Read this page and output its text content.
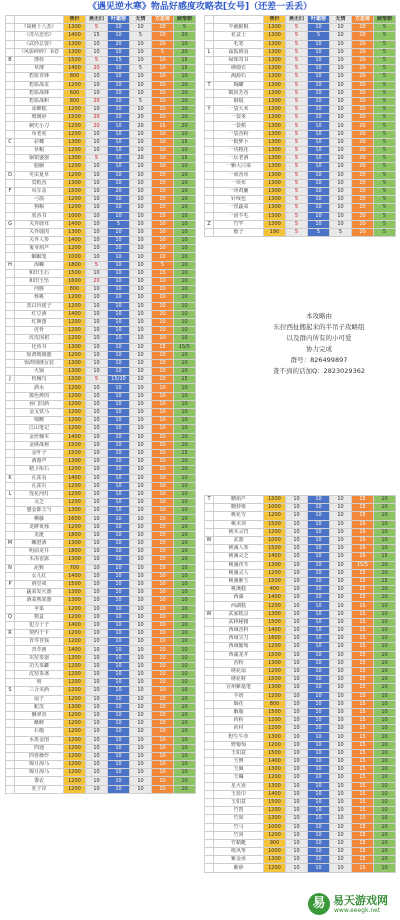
《遇见逆水寒》物品好感度攻略表[女号]（还差一丢丢）
		售价	燕无归	叶霜寒	无情	方思南	顾惜朝
	《胡桃十八杰》	1300	5	10	10	20	5
	《洗尽悲伤》	1400	15	10	5	10	20
	《武经总要》	1300	10	20	10	20	10
	《风影碎碎》书卷	1300	10	10	10	5	20
B	薄荷	1500	5	15	10	10	15
	草薄	1400	20	10	5	10	15
	碧血青锋	800	10	10	10	10	10
	碧血战龙	1200	10	10	10	10	10
	碧血战锋	600	10	10	10	10	10
	碧血战帜	800	20	10	5	10	10
	冰蝉糕	1200	10	10	10	10	10
	玻璃屏	1500	20	10	20	10	10
	刺史小刀	1200	20	10	20	15	20
	布老虎	1200	10	10	10	10	10
C	彩蝶	1300	10	10	10	10	15
	草帽	1200	10	10	10	10	10
	锅钳盛器	1300	5	10	20	10	15
	脂胭	1200	10	10	10	10	10
D	冬虫夏草	1200	10	10	10	10	10
	冥纸香	1300	10	10	10	10	10
F	风车盖	1500	10	20	10	10	10
	弓箭	1200	10	10	10	10	10
	狗粮	1200	10	10	10	10	10
	墨香书	1000	10	10	10	15	10
G	关外鹿茸	1400	10	5	10	10	10
	关外鹿肉	1300	10	10	10	10	10
	关外人参	1400	10	10	10	10	10
	鬼爷葫芦	1200	10	10	10	10	10
	蝈蝈笼	1000	10	10	10	10	10
H	海螺	1800	5	10	10	5	10
	和田玉石	1500	10	10	10	15	10
	和田玉坠	1600	20	10	10	10	10
	河豚	800	10	10	10	10	10
	核桃	1200	10	10	10	10	10
	黑白玲珑子	1200	10	10	10	10	10
	红豆酒	1400	10	10	10	20	10
	红颜图	1200	10	10	10	10	10
	虎骨	1200	10	10	10	10	10
	虎皮围裙	1200	10	10	10	10	10
	化鱼书	1300	10	10	10	15	15/5
	惊鸿玻璃器	1200	10	10	10	10	10
	惊鸿绒绣女装	1300	10	10	10	10	10
	火锅	1300	10	10	10	10	10
J	机械鸟	1500	5	15/20	10	10	15
	酒水	1200	10	10	10	10	10
	酱色烤肉	1200	10	10	10	10	10
	孙门旧酒	1200	10	10	10	10	10
	金戈铁马	1200	10	10	10	10	10
	锦鲤	1200	10	10	10	10	10
	江山笔记	1200	10	10	10	10	10
	金丝楠木	1400	10	10	10	10	10
	金绣战袍	1500	10	10	10	10	10
	金叶子	1500	10	10	10	10	15
	酒器声	1300	10	10	10	10	10
	精卫衔石	1200	10	10	10	10	10
K	孔雀羽	1400	10	10	10	10	10
	孔雀石	1200	10	10	10	10	10
L	莲花河灯	1200	10	10	10	10	10
	灵芝	1200	10	10	10	10	10
	鎏金都玉勺	1300	10	10	10	10	10
	柳藤	1600	10	10	10	10	10
	龙鲜黄烛	1200	10	10	10	10	10
	龙涎	1800	10	10	10	10	10
M	螺澄酒	1300	10	10	10	10	10
	明前龙井	1800	10	10	10	10	10
	木浴香露	1300	10	10	10	10	10
N	泥猴	700	10	10	10	10	10
	女儿红	1400	10	10	10	10	10
P	荆堂戒	1500	10	10	10	10	10
	蔬菜发火器	1300	10	10	10	10	10
	酒菜熟果器	1300	10	10	10	10	10
	苹果	1200	10	10	10	10	10
Q	棋盒	1200	10	10	10	10	10
	犯力十子	1400	10	10	10	10	10
R	契约千卡	1200	10	10	10	10	10
	青寿菩钱	1200	10	10	10	10	10
	青萃画	1400	10	10	10	10	10
	邛窑茶器	1300	10	10	10	10	10
	功夫茶罐	1200	10	10	10	10	10
	沈窑茶盏	1200	10	10	10	10	10
	刻	1200	10	10	10	10	10
S	三合美酒	1200	10	10	10	10	10
	扇子	1200	10	10	10	10	10
	蛇皮	1300	10	10	10	10	10
	狮翠香	1200	10	10	10	10	10
	蟋蟀	1200	10	10	10	10	10
	石榴	1200	10	10	10	10	10
	水墨金图	1200	10	10	10	10	10
	四通	1200	10	10	10	10	10
	四喜操作	1200	10	10	10	10	10
	锦月海马	1200	10	10	10	10	10
	锦月海马	1200	10	10	10	10	10
	黍农	1200	10	10	10	10	10
	驻子岸	1200	10	10	10	10	10
		售价	燕无归	叶霜寒	无情	方思南	顾惜朝
	半截猴棍	1300	5	10	10	20	5
	花盆土	1300	5	5	10	20	5
	毛笔	1300	5	10	10	20	5
L	霜狐斑羽	1300	5	10	10	20	5
	绿珠寄书	1300	5	10	10	20	5
	绣缎衣	1300	5	10	10	20	5
	淘源石	1300	5	10	10	20	5
T	陶罐	1300	5	10	10	20	5
	鹤顶芳香	1300	5	10	10	20	5
	铜镜	1300	5	10	10	20	5
Y	一袋大米	1300	5	10	10	20	5
	一袋米	1300	5	10	10	20	5
	一袋稻	1300	5	10	10	20	5
	一袋香粉	1300	5	10	10	20	5
	一根梦卜	1300	5	10	10	20	5
	一块粗花	1300	5	10	10	20	5
	一坛老酒	1300	5	10	10	20	5
	一颗大白菜	1300	5	10	10	20	5
	一束香草	1300	5	10	10	20	5
	一块布	1300	5	10	10	20	5
	一块鸡脯	1300	5	10	10	20	5
	针线包	1300	5	10	10	20	5
	一筐蔬菜	1300	5	10	10	20	5
	一团羊毛	1300	5	10	10	20	5
Z	竹竿	1300	5	10	10	20	5
	骰子	190	5	5	5	20	5
T	糖葫芦	1500	10	10	10	15	10
	糖炒栗	1000	10	10	10	15	10
	桃花雪	1200	10	10	10	15	10
	桃木剑	1500	10	10	10	15	10
	桃木灵符	1200	10	10	10	15	10
W	武器	1000	10	10	10	15	10
	桃溪人参	1500	10	10	10	15	10
	桃溪灵芝	1400	10	10	10	15	15
	桃溪茯苓	1300	10	10	10	15/5	10
	桃溪灵人	1200	10	10	10	15	10
	桃溪紫玉	1500	10	10	10	15	15
	桃溪糕	400	10	10	10	15	10
	西湖	1400	10	10	10	15	10
	西湖糕	1200	10	10	10	15	10
W	武家糕点	1300	10	10	10	15	10
	武林秘籍	1500	10	10	10	15	10
	西域香料	1400	10	10	10	15	10
	西域宝刀	1600	10	10	10	15	10
	西域葡萄	1200	10	10	10	15	10
	西湖龙井	1500	10	10	10	15	10
	香粉	1300	10	10	10	15	10
	绣花扇	1200	10	10	10	15	10
	绣花鞋	1500	10	10	10	15	10
	宣州紫毫笔	1300	10	10	10	15	10
	羊奶	1200	10	10	10	15	10
	烟花	800	10	10	10	15	10
	胭脂	1500	10	10	10	15	10
	药粉	1200	10	10	10	15	10
	药材	1200	10	10	10	15	10
	野生牛草	1300	10	10	10	15	10
	野葡萄	1200	10	10	10	15	10
	玉如意	1500	10	10	10	15	10
	玉簪	1400	10	10	10	15	10
	玉佩	1300	10	10	10	15	10
	玉镯	1200	10	10	10	15	10
	星火壶	1300	10	10	10	15	10
	玉蓝巾	1400	10	10	10	15	10
	玉如意	1500	10	10	10	15	10
	竹笛	1200	10	10	10	15	10
	竹简	1300	10	10	10	15	10
	竹马	1000	10	10	10	15	10
	竹剑	1200	10	10	10	15	10
	竹蜻蜓	900	10	10	10	15	10
	纸风筝	1000	10	10	10	15	10
	紫金壶	1300	10	10	10	15	10
	紫砂	1200	10	10	10	15	10
本攻略由
东拉西扯搬起来的半吊子攻略组
以及群内所有的小可爱
协力完成
群号：826499897
查不到的话加Q：2823029362
易 易天游戏网
www.eeegk.net
